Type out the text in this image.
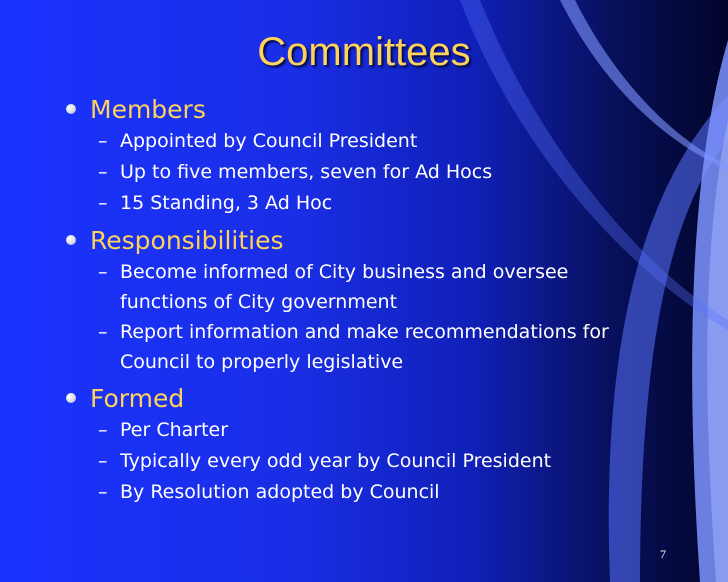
Committees
Members
– Appointed by Council President
– Up to five members, seven for Ad Hocs
– 15 Standing, 3 Ad Hoc
Responsibilities
– Become informed of City business and oversee functions of City government
– Report information and make recommendations for Council to properly legislative
Formed
– Per Charter
– Typically every odd year by Council President
– By Resolution adopted by Council
7
